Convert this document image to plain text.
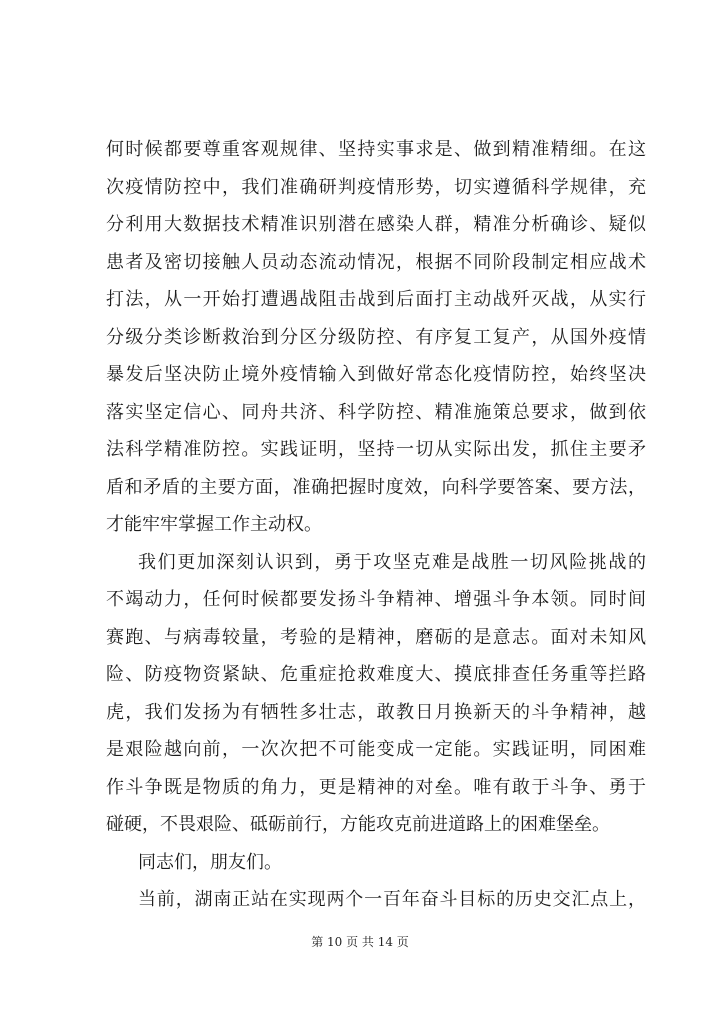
何时候都要尊重客观规律、坚持实事求是、做到精准精细。在这
次疫情防控中，我们准确研判疫情形势，切实遵循科学规律，充
分利用大数据技术精准识别潜在感染人群，精准分析确诊、疑似
患者及密切接触人员动态流动情况，根据不同阶段制定相应战术
打法，从一开始打遭遇战阻击战到后面打主动战歼灭战，从实行
分级分类诊断救治到分区分级防控、有序复工复产，从国外疫情
暴发后坚决防止境外疫情输入到做好常态化疫情防控，始终坚决
落实坚定信心、同舟共济、科学防控、精准施策总要求，做到依
法科学精准防控。实践证明，坚持一切从实际出发，抓住主要矛
盾和矛盾的主要方面，准确把握时度效，向科学要答案、要方法，
才能牢牢掌握工作主动权。
我们更加深刻认识到，勇于攻坚克难是战胜一切风险挑战的
不竭动力，任何时候都要发扬斗争精神、增强斗争本领。同时间
赛跑、与病毒较量，考验的是精神，磨砺的是意志。面对未知风
险、防疫物资紧缺、危重症抢救难度大、摸底排查任务重等拦路
虎，我们发扬为有牺牲多壮志，敢教日月换新天的斗争精神，越
是艰险越向前，一次次把不可能变成一定能。实践证明，同困难
作斗争既是物质的角力，更是精神的对垒。唯有敢于斗争、勇于
碰硬，不畏艰险、砥砺前行，方能攻克前进道路上的困难堡垒。
同志们，朋友们。
当前，湖南正站在实现两个一百年奋斗目标的历史交汇点上，
第 10 页 共 14 页
